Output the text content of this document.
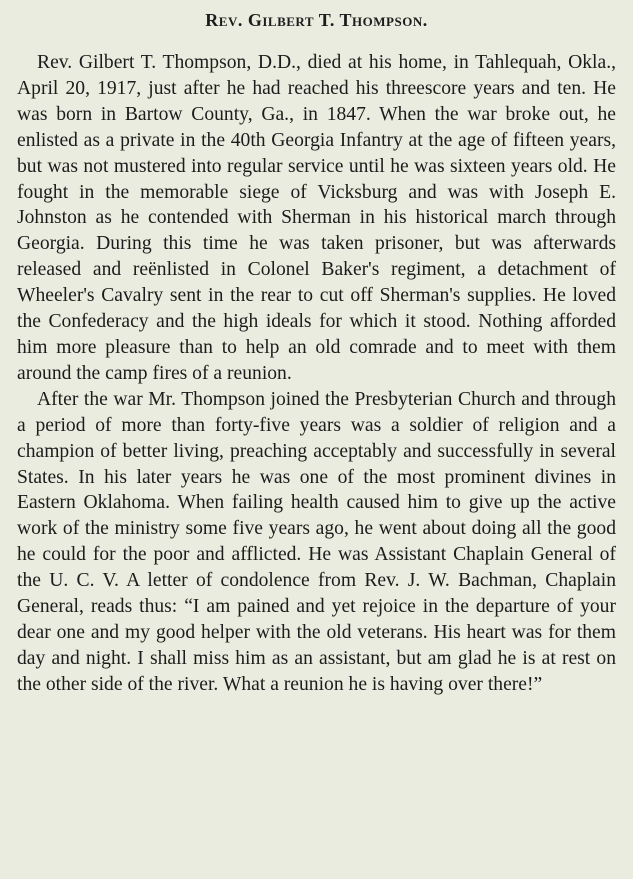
Rev. Gilbert T. Thompson.

Rev. Gilbert T. Thompson, D.D., died at his home, in Tahlequah, Okla., April 20, 1917, just after he had reached his threescore years and ten. He was born in Bartow County, Ga., in 1847. When the war broke out, he enlisted as a private in the 40th Georgia Infantry at the age of fifteen years, but was not mustered into regular service until he was sixteen years old. He fought in the memorable siege of Vicksburg and was with Joseph E. Johnston as he contended with Sherman in his historical march through Georgia. During this time he was taken prisoner, but was afterwards released and reënlisted in Colonel Baker's regiment, a detachment of Wheeler's Cavalry sent in the rear to cut off Sherman's supplies. He loved the Confederacy and the high ideals for which it stood. Nothing afforded him more pleasure than to help an old comrade and to meet with them around the camp fires of a reunion.

After the war Mr. Thompson joined the Presbyterian Church and through a period of more than forty-five years was a soldier of religion and a champion of better living, preaching acceptably and successfully in several States. In his later years he was one of the most prominent divines in Eastern Oklahoma. When failing health caused him to give up the active work of the ministry some five years ago, he went about doing all the good he could for the poor and afflicted. He was Assistant Chaplain General of the U. C. V. A letter of condolence from Rev. J. W. Bachman, Chaplain General, reads thus: “I am pained and yet rejoice in the departure of your dear one and my good helper with the old veterans. His heart was for them day and night. I shall miss him as an assistant, but am glad he is at rest on the other side of the river. What a reunion he is having over there!”
